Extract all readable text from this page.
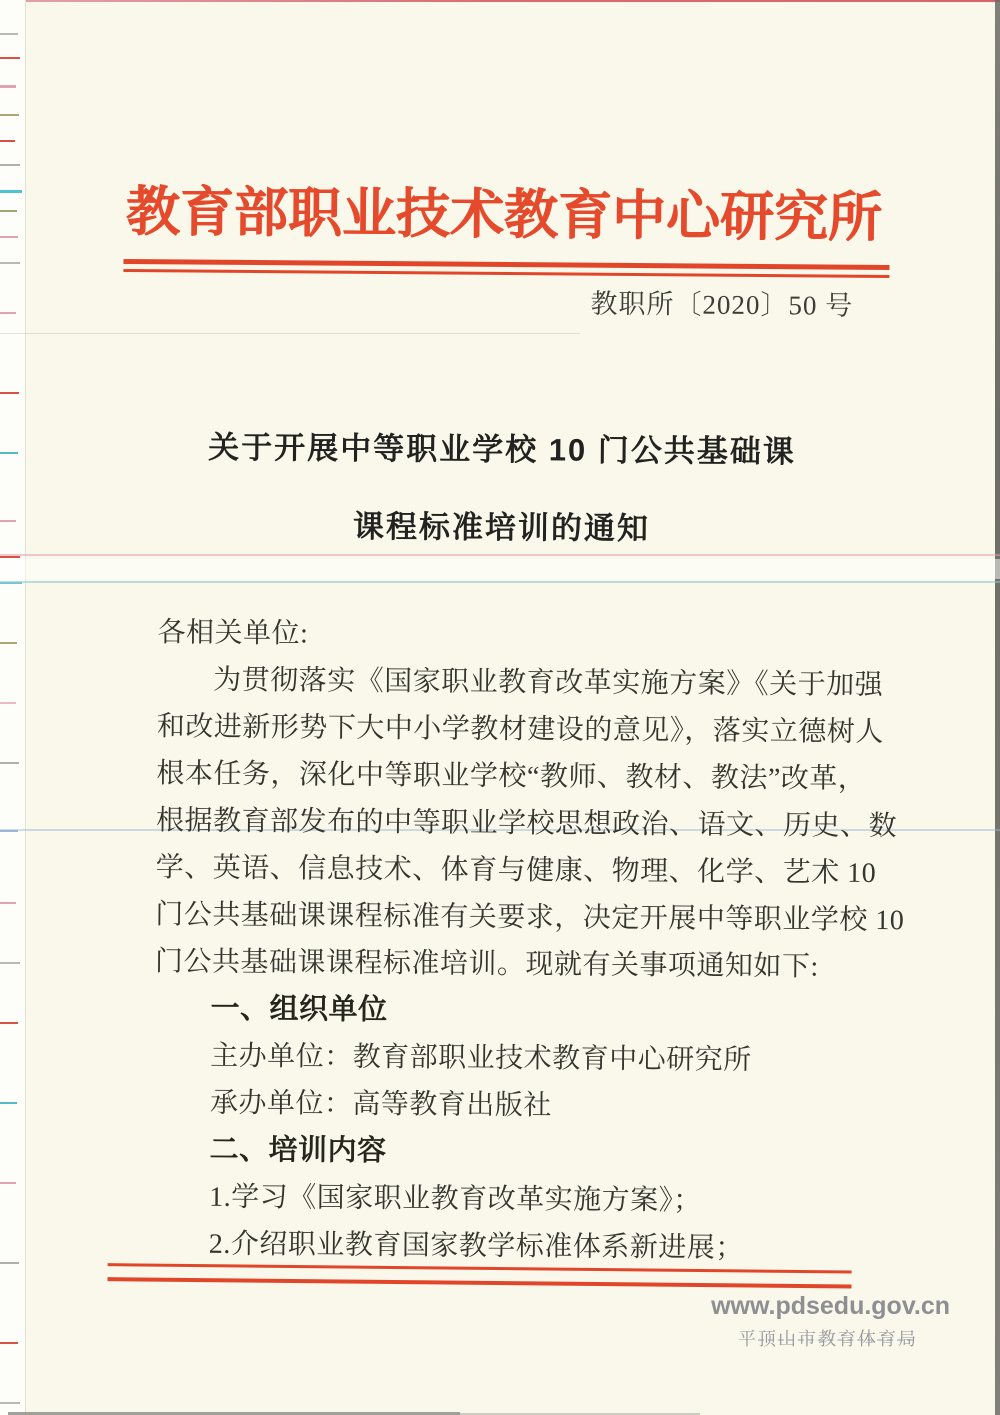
教育部职业技术教育中心研究所
教职所〔2020〕50 号
关于开展中等职业学校 10 门公共基础课
课程标准培训的通知
各相关单位:
为贯彻落实《国家职业教育改革实施方案》《关于加强
和改进新形势下大中小学教材建设的意见》，落实立德树人
根本任务，深化中等职业学校“教师、教材、教法”改革，
根据教育部发布的中等职业学校思想政治、语文、历史、数
学、英语、信息技术、体育与健康、物理、化学、艺术 10
门公共基础课课程标准有关要求，决定开展中等职业学校 10
门公共基础课课程标准培训。现就有关事项通知如下:
一、组织单位
主办单位：教育部职业技术教育中心研究所
承办单位：高等教育出版社
二、培训内容
1.学习《国家职业教育改革实施方案》；
2.介绍职业教育国家教学标准体系新进展；
www.pdsedu.gov.cn
平顶山市教育体育局
